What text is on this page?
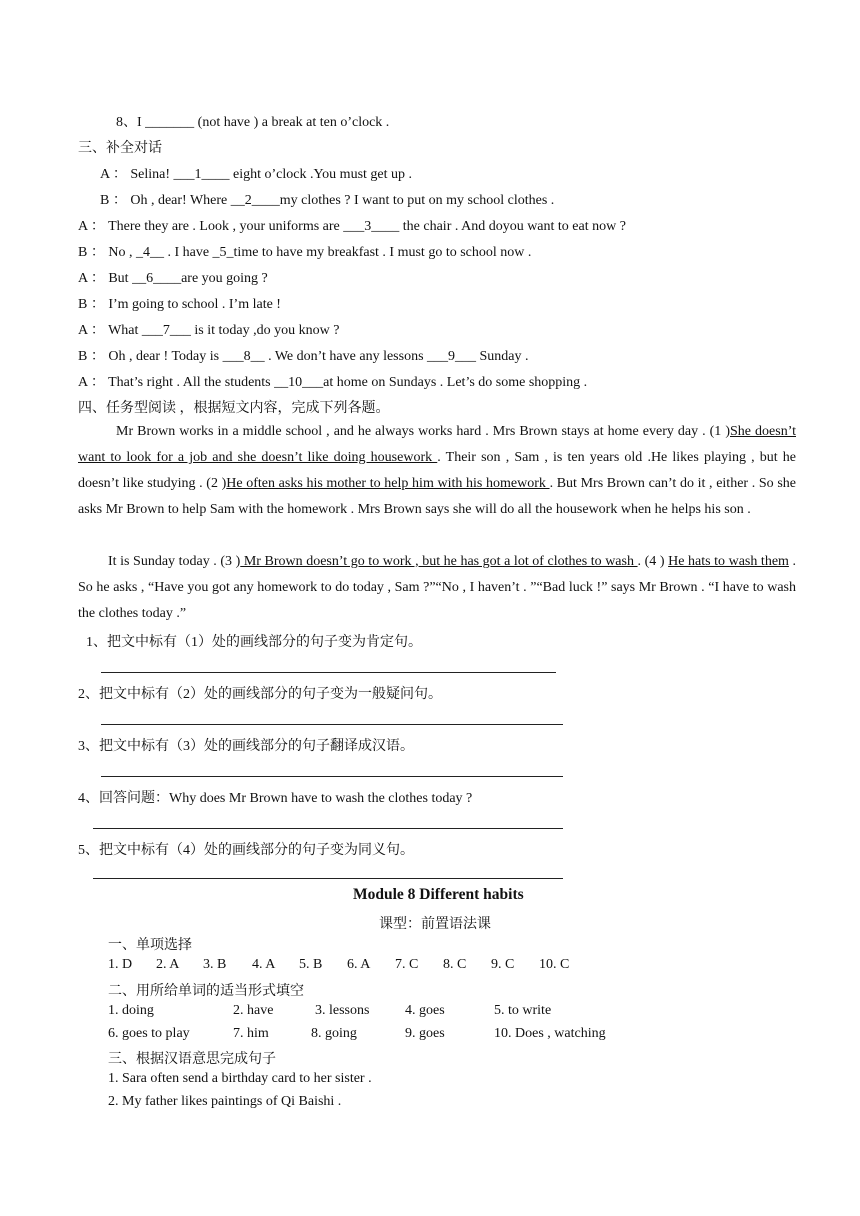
8、I _______ (not have ) a break at ten o’clock .
三、补全对话
A ： Selina! ___1____ eight o’clock .You must get up .
B ： Oh , dear! Where __2____my clothes ? I want to put on my school clothes .
A ： There they are . Look , your uniforms are ___3____ the chair . And doyou want to eat now ?
B ： No , _4__ . I have _5_time to have my breakfast . I must go to school now .
A ： But __6____are you going ?
B ： I’m going to school . I’m late !
A ： What ___7___ is it today ,do you know ?
B ： Oh , dear ! Today is ___8__ . We don’t have any lessons ___9___ Sunday .
A ： That’s right . All the students __10___at home on Sundays . Let’s do some shopping .
四、任务型阅读 ，根据短文内容，完成下列各题。
Mr Brown works in a middle school , and he always works hard . Mrs Brown stays at home every day . (1 )She doesn’t want to look for a job and she doesn’t like doing housework . Their son , Sam , is ten years old .He likes playing , but he doesn’t like studying . (2 )He often asks his mother to help him with his homework . But Mrs Brown can’t do it , either . So she asks Mr Brown to help Sam with the homework . Mrs Brown says she will do all the housework when he helps his son .
It is Sunday today . (3 ) Mr Brown doesn’t go to work , but he has got a lot of clothes to wash . (4 ) He hats to wash them . So he asks , “Have you got any homework to do today , Sam ?”“No , I haven’t . ”“Bad luck !” says Mr Brown . “I have to wash the clothes today .”
1、把文中标有（1）处的画线部分的句子变为肯定句。
2、把文中标有（2）处的画线部分的句子变为一般疑问句。
3、把文中标有（3）处的画线部分的句子翻译成汉语。
4、回答问题：Why does Mr Brown have to wash the clothes today ?
5、把文中标有（4）处的画线部分的句子变为同义句。
Module 8 Different habits
课型：前置语法课
一、单项选择
1. D 2. A 3. B 4. A 5. B 6. A 7. C 8. C 9. C 10. C
二、用所给单词的适当形式填空
1. doing	2. have	3. lessons	4. goes	5. to write
6. goes to play	7. him	8. going	9. goes	10. Does , watching
三、根据汉语意思完成句子
1. Sara often send a birthday card to her sister .
2. My father likes paintings of Qi Baishi .
